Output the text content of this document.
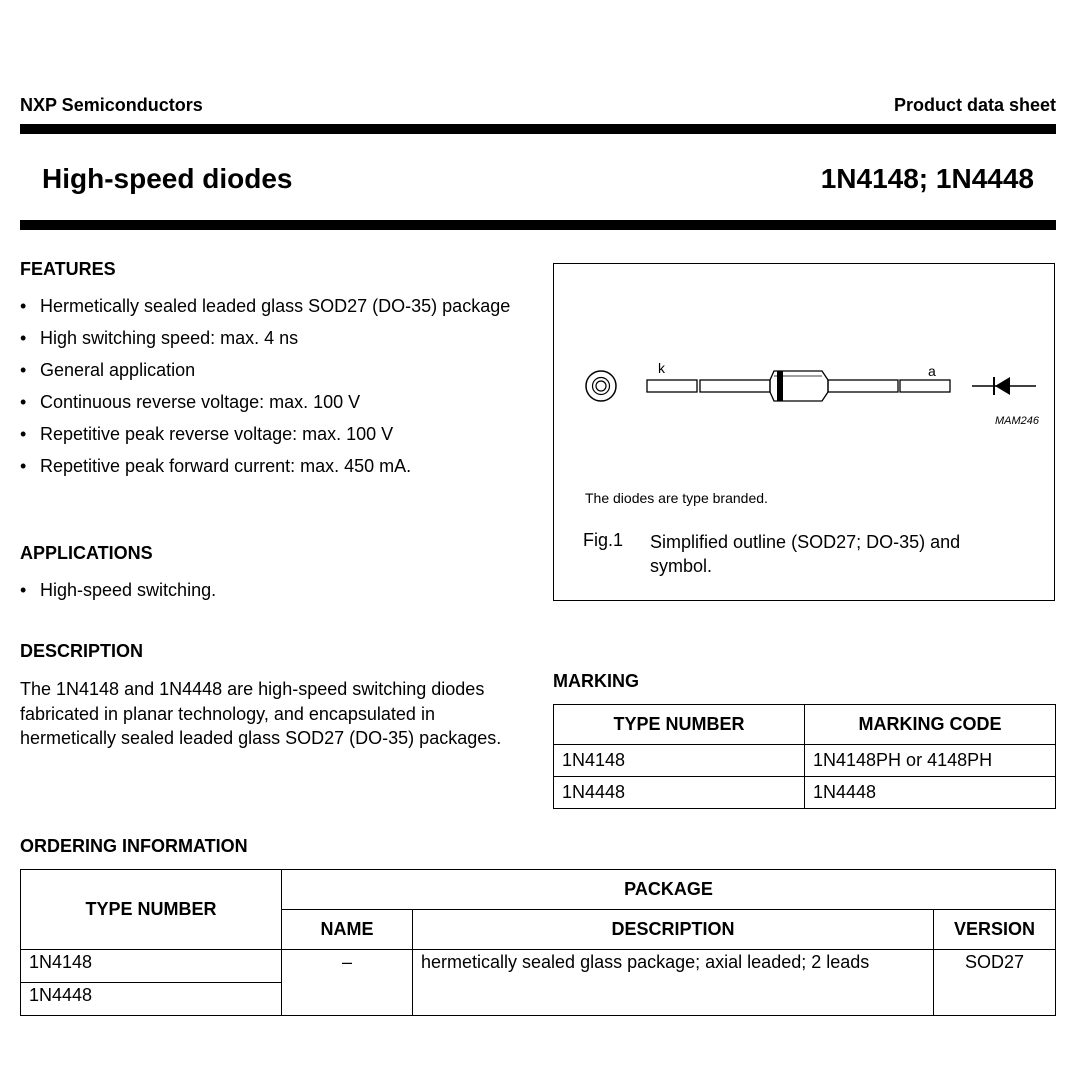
NXP Semiconductors	Product data sheet
High-speed diodes	1N4148; 1N4448
FEATURES
• Hermetically sealed leaded glass SOD27 (DO-35) package
• High switching speed: max. 4 ns
• General application
• Continuous reverse voltage: max. 100 V
• Repetitive peak reverse voltage: max. 100 V
• Repetitive peak forward current: max. 450 mA.
APPLICATIONS
• High-speed switching.
DESCRIPTION
The 1N4148 and 1N4448 are high-speed switching diodes fabricated in planar technology, and encapsulated in hermetically sealed leaded glass SOD27 (DO-35) packages.
k	a
MAM246
The diodes are type branded.
Fig.1 Simplified outline (SOD27; DO-35) and symbol.
MARKING
TYPE NUMBER	MARKING CODE
1N4148	1N4148PH or 4148PH
1N4448	1N4448
ORDERING INFORMATION
TYPE NUMBER	PACKAGE		
	NAME	DESCRIPTION	VERSION
1N4148	–	hermetically sealed glass package; axial leaded; 2 leads	SOD27
1N4448			
